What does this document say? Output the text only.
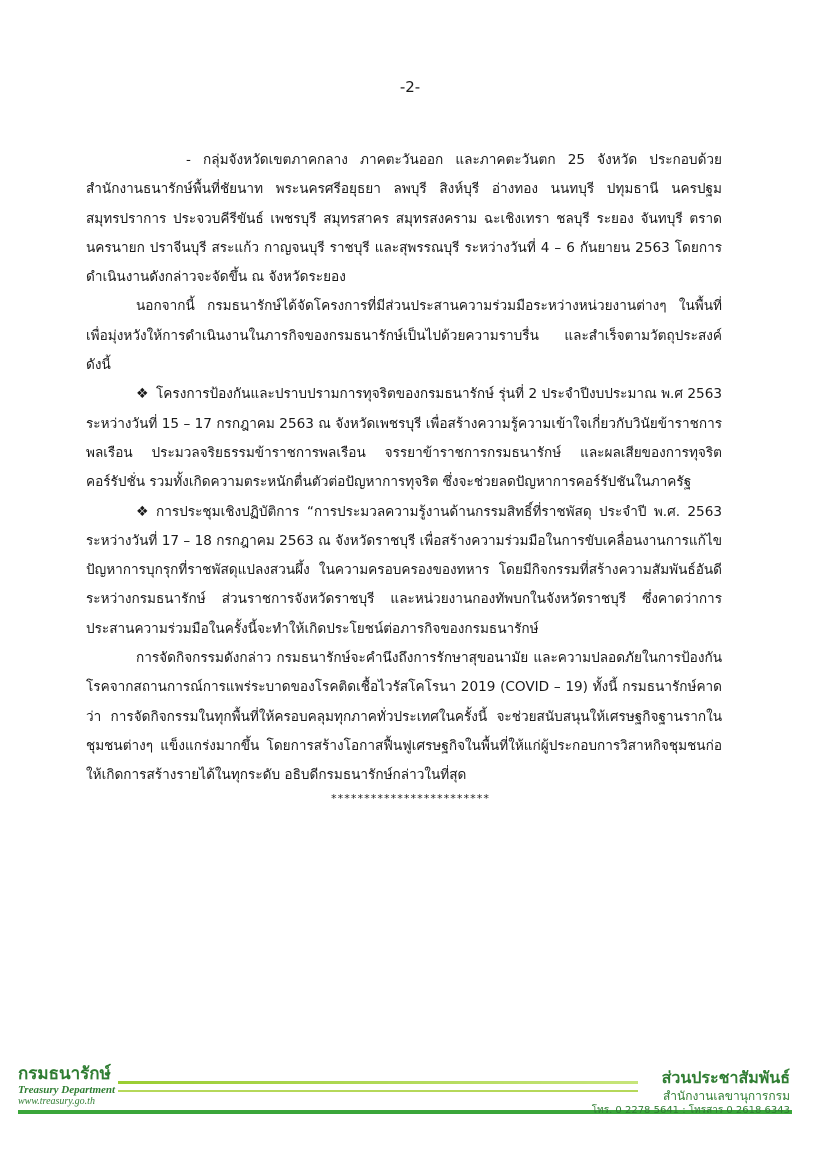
-2-

- กลุ่มจังหวัดเขตภาคกลาง ภาคตะวันออก และภาคตะวันตก 25 จังหวัด ประกอบด้วย สำนักงานธนารักษ์พื้นที่ชัยนาท พระนครศรีอยุธยา ลพบุรี สิงห์บุรี อ่างทอง นนทบุรี ปทุมธานี นครปฐม สมุทรปราการ ประจวบคีรีขันธ์ เพชรบุรี สมุทรสาคร สมุทรสงคราม ฉะเชิงเทรา ชลบุรี ระยอง จันทบุรี ตราด นครนายก ปราจีนบุรี สระแก้ว กาญจนบุรี ราชบุรี และสุพรรณบุรี ระหว่างวันที่ 4 – 6 กันยายน 2563 โดยการดำเนินงานดังกล่าวจะจัดขึ้น ณ จังหวัดระยอง

นอกจากนี้ กรมธนารักษ์ได้จัดโครงการที่มีส่วนประสานความร่วมมือระหว่างหน่วยงานต่างๆ ในพื้นที่ เพื่อมุ่งหวังให้การดำเนินงานในภารกิจของกรมธนารักษ์เป็นไปด้วยความราบรื่น และสำเร็จตามวัตถุประสงค์ ดังนี้

❖ โครงการป้องกันและปราบปรามการทุจริตของกรมธนารักษ์ รุ่นที่ 2 ประจำปีงบประมาณ พ.ศ 2563 ระหว่างวันที่ 15 – 17 กรกฎาคม 2563 ณ จังหวัดเพชรบุรี เพื่อสร้างความรู้ความเข้าใจเกี่ยวกับวินัยข้าราชการพลเรือน ประมวลจริยธรรมข้าราชการพลเรือน จรรยาข้าราชการกรมธนารักษ์ และผลเสียของการทุจริตคอร์รัปชั่น รวมทั้งเกิดความตระหนักตื่นตัวต่อปัญหาการทุจริต ซึ่งจะช่วยลดปัญหาการคอร์รัปชันในภาครัฐ

❖ การประชุมเชิงปฏิบัติการ “การประมวลความรู้งานด้านกรรมสิทธิ์ที่ราชพัสดุ ประจำปี พ.ศ. 2563 ระหว่างวันที่ 17 – 18 กรกฎาคม 2563 ณ จังหวัดราชบุรี เพื่อสร้างความร่วมมือในการขับเคลื่อนงานการแก้ไขปัญหาการบุกรุกที่ราชพัสดุแปลงสวนผึ้ง ในความครอบครองของทหาร โดยมีกิจกรรมที่สร้างความสัมพันธ์อันดีระหว่างกรมธนารักษ์ ส่วนราชการจังหวัดราชบุรี และหน่วยงานกองทัพบกในจังหวัดราชบุรี ซึ่งคาดว่าการประสานความร่วมมือในครั้งนี้จะทำให้เกิดประโยชน์ต่อภารกิจของกรมธนารักษ์

การจัดกิจกรรมดังกล่าว กรมธนารักษ์จะคำนึงถึงการรักษาสุขอนามัย และความปลอดภัยในการป้องกันโรคจากสถานการณ์การแพร่ระบาดของโรคติดเชื้อไวรัสโคโรนา 2019 (COVID – 19) ทั้งนี้ กรมธนารักษ์คาดว่า การจัดกิจกรรมในทุกพื้นที่ให้ครอบคลุมทุกภาคทั่วประเทศในครั้งนี้ จะช่วยสนับสนุนให้เศรษฐกิจฐานรากในชุมชนต่างๆ แข็งแกร่งมากขึ้น โดยการสร้างโอกาสฟื้นฟูเศรษฐกิจในพื้นที่ให้แก่ผู้ประกอบการวิสาหกิจชุมชนก่อให้เกิดการสร้างรายได้ในทุกระดับ อธิบดีกรมธนารักษ์กล่าวในที่สุด

************************
กรมธนารักษ์
Treasury Department
www.treasury.go.th
ส่วนประชาสัมพันธ์
สำนักงานเลขานุการกรม
โทร. 0 2278 5641 : โทรสาร 0 2618 6343
